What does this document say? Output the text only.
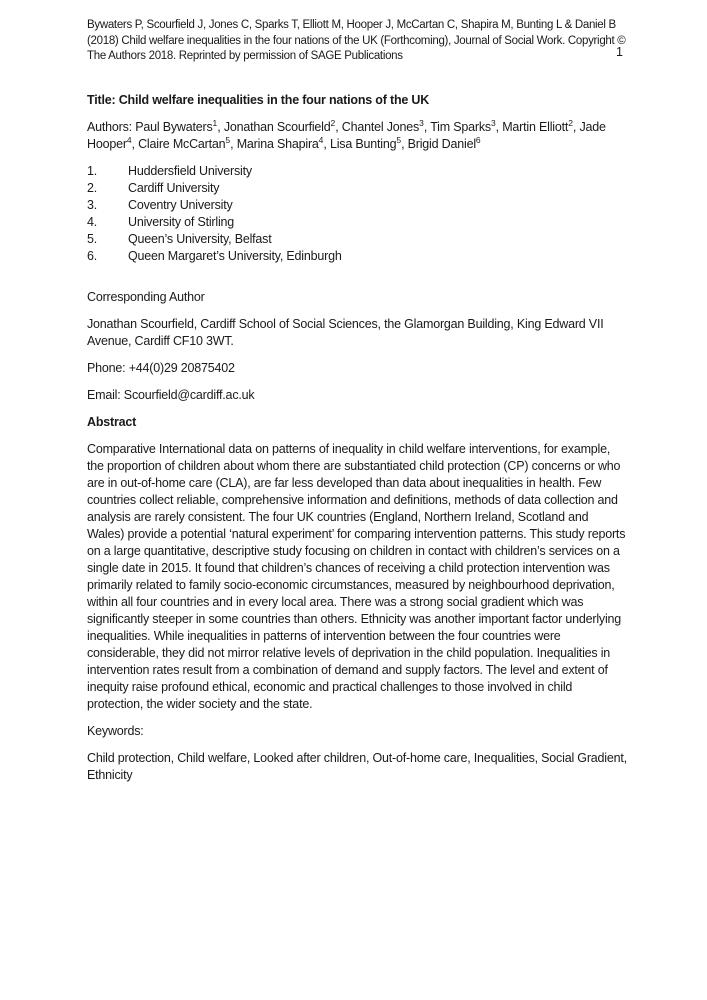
Bywaters P, Scourfield J, Jones C, Sparks T, Elliott M, Hooper J, McCartan C, Shapira M, Bunting L & Daniel B (2018) Child welfare inequalities in the four nations of the UK (Forthcoming), Journal of Social Work. Copyright © The Authors 2018. Reprinted by permission of SAGE Publications	1

Title: Child welfare inequalities in the four nations of the UK

Authors: Paul Bywaters$^1$, Jonathan Scourfield$^2$, Chantel Jones$^3$, Tim Sparks$^3$, Martin Elliott$^2$, Jade Hooper$^4$, Claire McCartan$^5$, Marina Shapira$^4$, Lisa Bunting$^5$, Brigid Daniel$^6$

1.	Huddersfield University
2.	Cardiff University
3.	Coventry University
4.	University of Stirling
5.	Queen’s University, Belfast
6.	Queen Margaret’s University, Edinburgh

Corresponding Author

Jonathan Scourfield, Cardiff School of Social Sciences, the Glamorgan Building, King Edward VII Avenue, Cardiff CF10 3WT.

Phone: +44(0)29 20875402

Email: Scourfield@cardiff.ac.uk

Abstract

Comparative International data on patterns of inequality in child welfare interventions, for example, the proportion of children about whom there are substantiated child protection (CP) concerns or who are in out-of-home care (CLA), are far less developed than data about inequalities in health. Few countries collect reliable, comprehensive information and definitions, methods of data collection and analysis are rarely consistent. The four UK countries (England, Northern Ireland, Scotland and Wales) provide a potential ‘natural experiment’ for comparing intervention patterns. This study reports on a large quantitative, descriptive study focusing on children in contact with children’s services on a single date in 2015. It found that children’s chances of receiving a child protection intervention was primarily related to family socio-economic circumstances, measured by neighbourhood deprivation, within all four countries and in every local area. There was a strong social gradient which was significantly steeper in some countries than others. Ethnicity was another important factor underlying inequalities. While inequalities in patterns of intervention between the four countries were considerable, they did not mirror relative levels of deprivation in the child population. Inequalities in intervention rates result from a combination of demand and supply factors. The level and extent of inequity raise profound ethical, economic and practical challenges to those involved in child protection, the wider society and the state.

Keywords:

Child protection, Child welfare, Looked after children, Out-of-home care, Inequalities, Social Gradient, Ethnicity
